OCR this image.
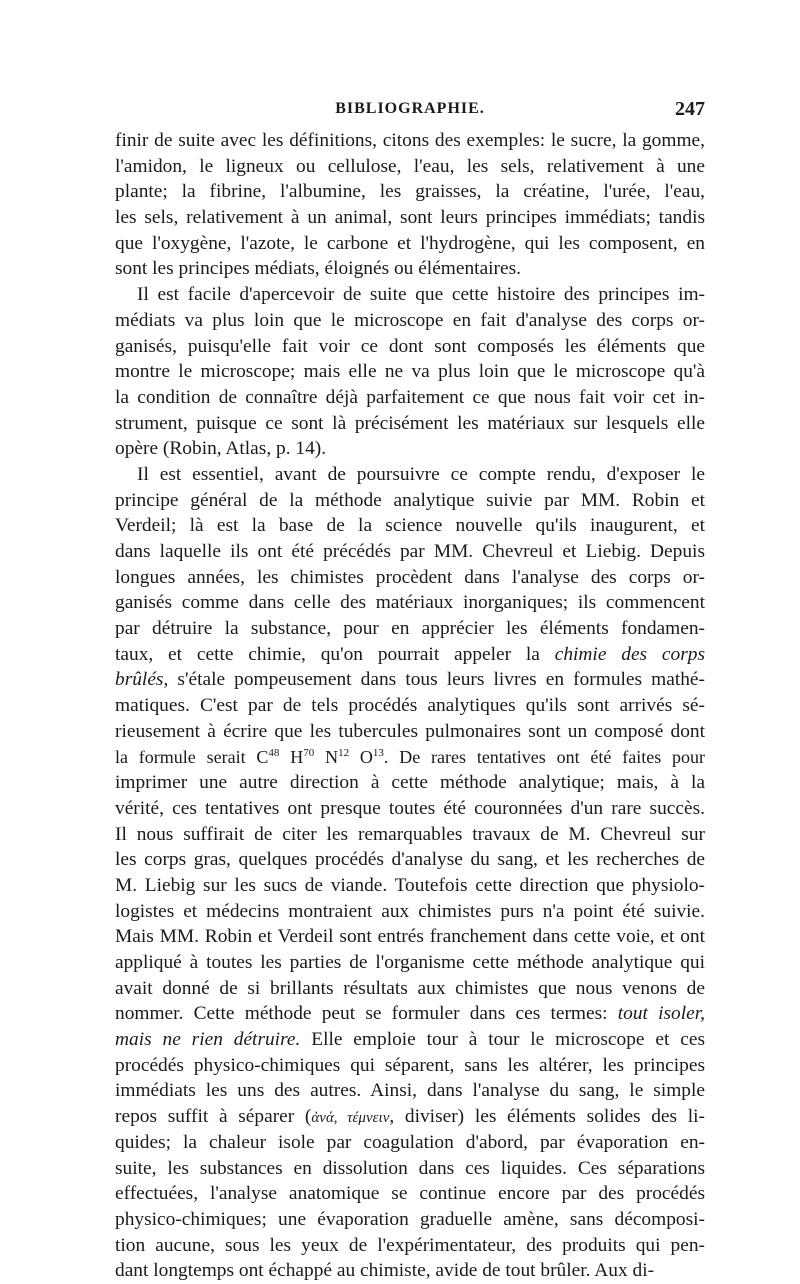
BIBLIOGRAPHIE.	247
finir de suite avec les définitions, citons des exemples: le sucre, la gomme,
l'amidon, le ligneux ou cellulose, l'eau, les sels, relativement à une
plante; la fibrine, l'albumine, les graisses, la créatine, l'urée, l'eau,
les sels, relativement à un animal, sont leurs principes immédiats; tandis
que l'oxygène, l'azote, le carbone et l'hydrogène, qui les composent, en
sont les principes médiats, éloignés ou élémentaires.
Il est facile d'apercevoir de suite que cette histoire des principes im-
médiats va plus loin que le microscope en fait d'analyse des corps or-
ganisés, puisqu'elle fait voir ce dont sont composés les éléments que
montre le microscope; mais elle ne va plus loin que le microscope qu'à
la condition de connaître déjà parfaitement ce que nous fait voir cet in-
strument, puisque ce sont là précisément les matériaux sur lesquels elle
opère (Robin, Atlas, p. 14).
Il est essentiel, avant de poursuivre ce compte rendu, d'exposer le
principe général de la méthode analytique suivie par MM. Robin et
Verdeil; là est la base de la science nouvelle qu'ils inaugurent, et
dans laquelle ils ont été précédés par MM. Chevreul et Liebig. Depuis
longues années, les chimistes procèdent dans l'analyse des corps or-
ganisés comme dans celle des matériaux inorganiques; ils commencent
par détruire la substance, pour en apprécier les éléments fondamen-
taux, et cette chimie, qu'on pourrait appeler la chimie des corps
brûlés, s'étale pompeusement dans tous leurs livres en formules mathé-
matiques. C'est par de tels procédés analytiques qu'ils sont arrivés sé-
rieusement à écrire que les tubercules pulmonaires sont un composé dont
la formule serait $C^{48}$ $H^{70}$ $N^{12}$ $O^{13}$. De rares tentatives ont été faites pour
imprimer une autre direction à cette méthode analytique; mais, à la
vérité, ces tentatives ont presque toutes été couronnées d'un rare succès.
Il nous suffirait de citer les remarquables travaux de M. Chevreul sur
les corps gras, quelques procédés d'analyse du sang, et les recherches de
M. Liebig sur les sucs de viande. Toutefois cette direction que physiolo-
logistes et médecins montraient aux chimistes purs n'a point été suivie.
Mais MM. Robin et Verdeil sont entrés franchement dans cette voie, et ont
appliqué à toutes les parties de l'organisme cette méthode analytique qui
avait donné de si brillants résultats aux chimistes que nous venons de
nommer. Cette méthode peut se formuler dans ces termes: tout isoler,
mais ne rien détruire. Elle emploie tour à tour le microscope et ces
procédés physico-chimiques qui séparent, sans les altérer, les principes
immédiats les uns des autres. Ainsi, dans l'analyse du sang, le simple
repos suffit à séparer (ἀνά, τέμνειν, diviser) les éléments solides des li-
quides; la chaleur isole par coagulation d'abord, par évaporation en-
suite, les substances en dissolution dans ces liquides. Ces séparations
effectuées, l'analyse anatomique se continue encore par des procédés
physico-chimiques; une évaporation graduelle amène, sans décomposi-
tion aucune, sous les yeux de l'expérimentateur, des produits qui pen-
dant longtemps ont échappé au chimiste, avide de tout brûler. Aux di-
